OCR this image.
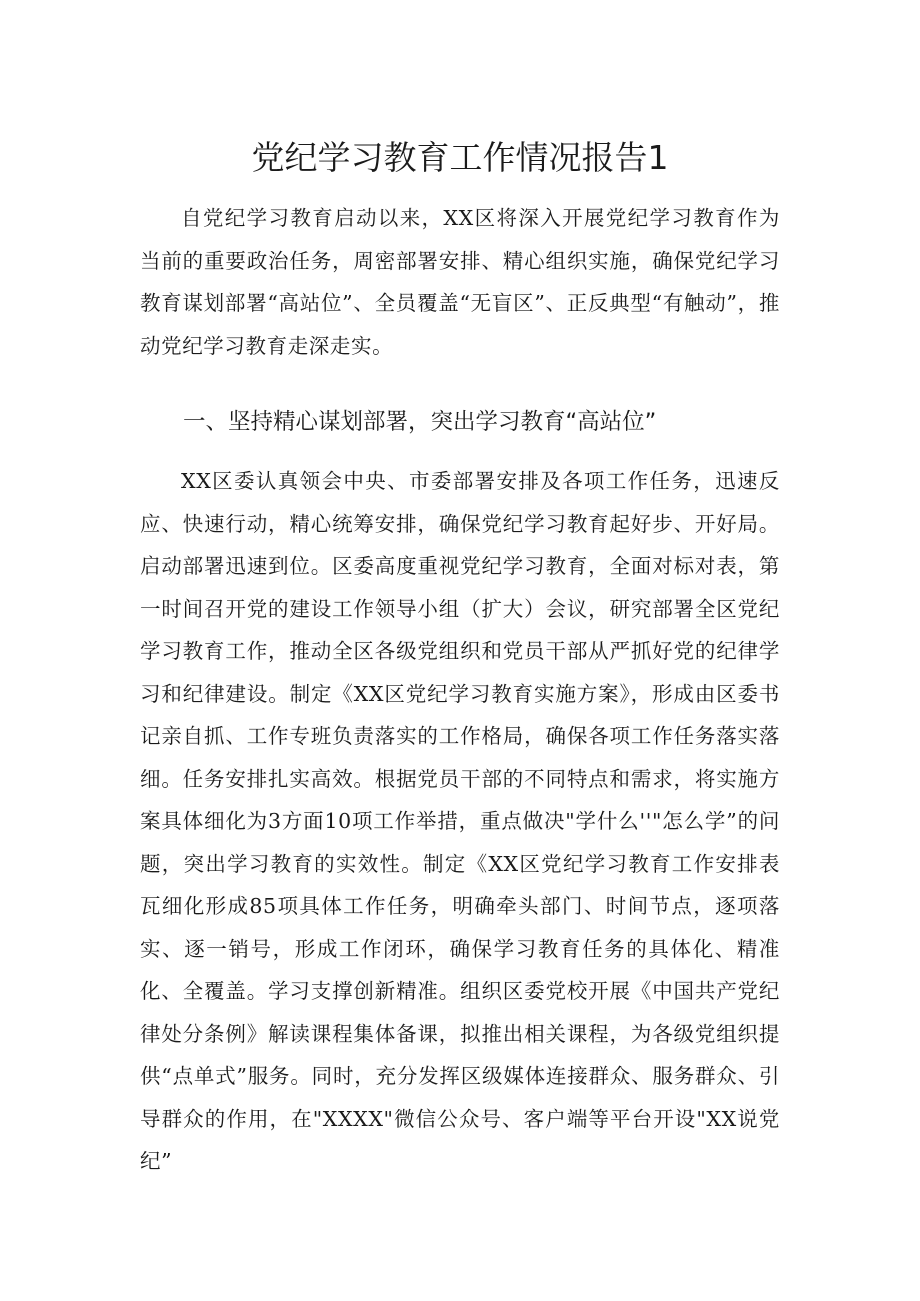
党纪学习教育工作情况报告1

自党纪学习教育启动以来，XX区将深入开展党纪学习教育作为当前的重要政治任务，周密部署安排、精心组织实施，确保党纪学习教育谋划部署“高站位”、全员覆盖“无盲区”、正反典型“有触动”，推动党纪学习教育走深走实。

一、坚持精心谋划部署，突出学习教育“高站位”

XX区委认真领会中央、市委部署安排及各项工作任务，迅速反应、快速行动，精心统筹安排，确保党纪学习教育起好步、开好局。启动部署迅速到位。区委高度重视党纪学习教育，全面对标对表，第一时间召开党的建设工作领导小组（扩大）会议，研究部署全区党纪学习教育工作，推动全区各级党组织和党员干部从严抓好党的纪律学习和纪律建设。制定《XX区党纪学习教育实施方案》，形成由区委书记亲自抓、工作专班负责落实的工作格局，确保各项工作任务落实落细。任务安排扎实高效。根据党员干部的不同特点和需求，将实施方案具体细化为3方面10项工作举措，重点做决"学什么''"怎么学”的问题，突出学习教育的实效性。制定《XX区党纪学习教育工作安排表瓦细化形成85项具体工作任务，明确牵头部门、时间节点，逐项落实、逐一销号，形成工作闭环，确保学习教育任务的具体化、精准化、全覆盖。学习支撑创新精准。组织区委党校开展《中国共产党纪律处分条例》解读课程集体备课，拟推出相关课程，为各级党组织提供“点单式”服务。同时，充分发挥区级媒体连接群众、服务群众、引导群众的作用，在"XXXX"微信公众号、客户端等平台开设"XX说党纪”
